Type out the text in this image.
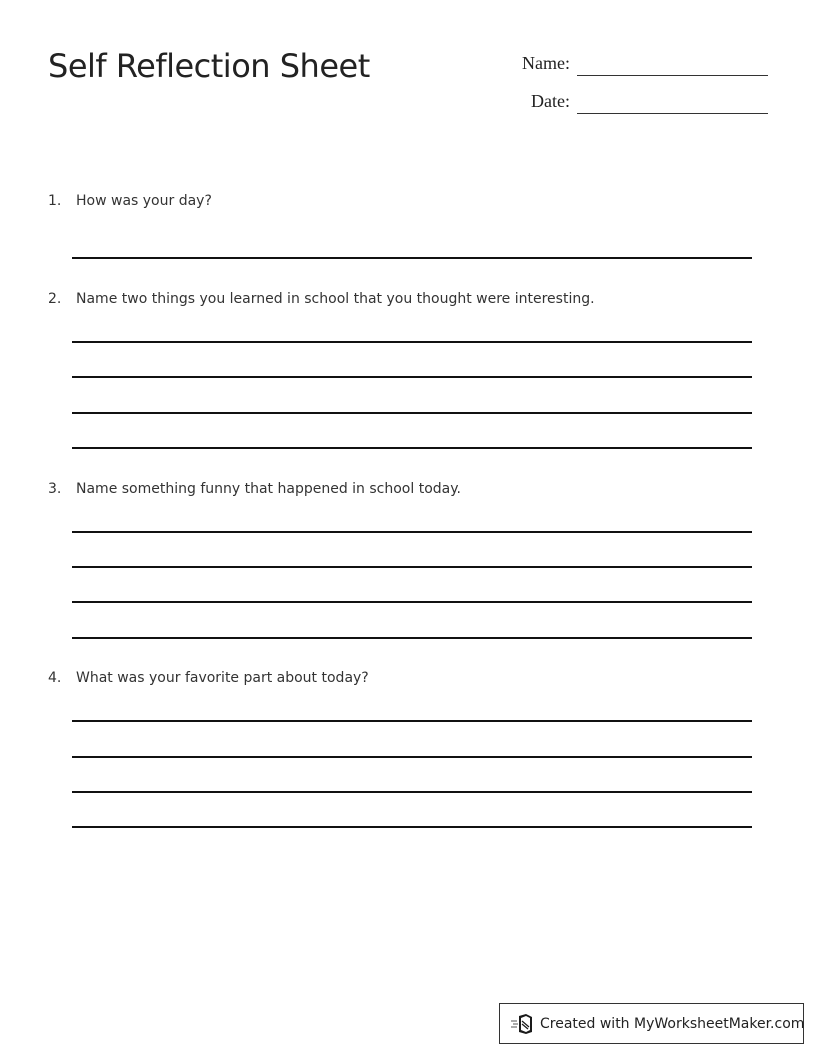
Self Reflection Sheet	Name:
Date:
1.	How was your day?
2.	Name two things you learned in school that you thought were interesting.
3.	Name something funny that happened in school today.
4.	What was your favorite part about today?
Created with MyWorksheetMaker.com
